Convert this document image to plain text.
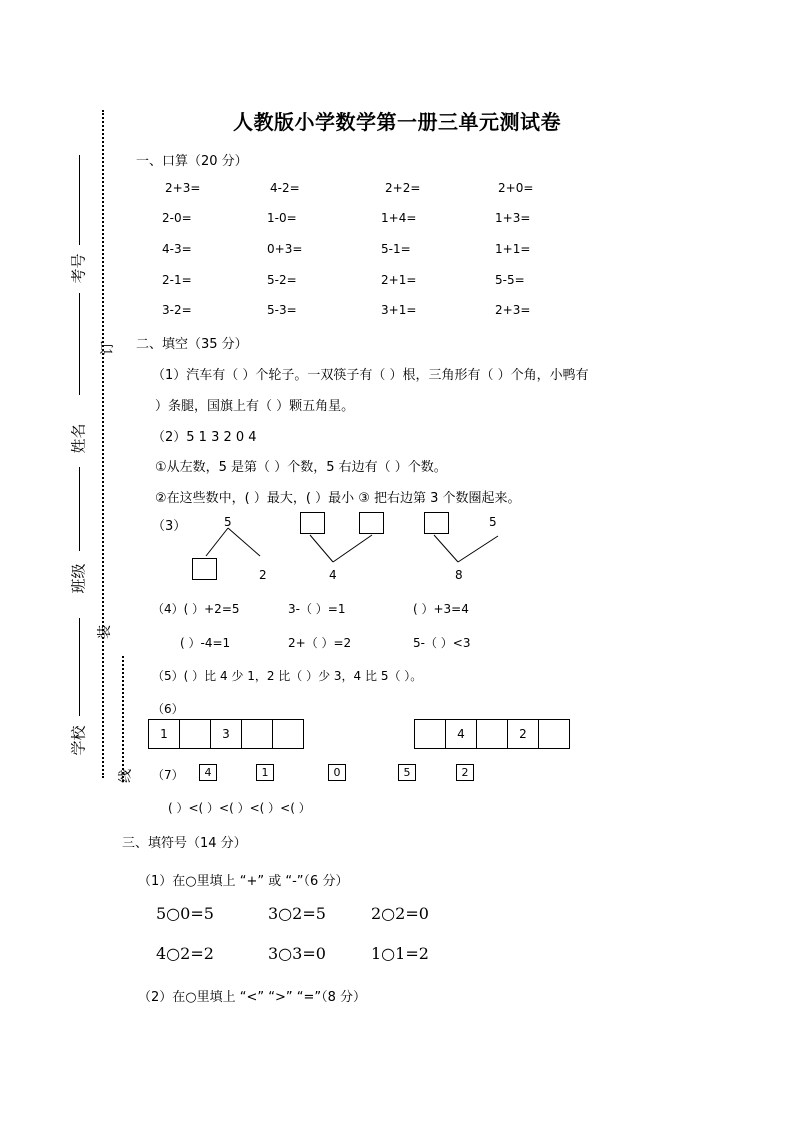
人教版小学数学第一册三单元测试卷
考号
姓名
班级
学校
订
装
线
一、口算（20 分）
2+3=	4-2=	2+2=	2+0=
2-0=	1-0=	1+4=	1+3=
4-3=	0+3=	5-1=	1+1=
2-1=	5-2=	2+1=	5-5=
3-2=	5-3=	3+1=	2+3=
二、填空（35 分）
（1）汽车有（ ）个轮子。一双筷子有（ ）根，三角形有（ ）个角，小鸭有
）条腿，国旗上有（ ）颗五角星。
（2）5 1 3 2 0 4
①从左数，5 是第（ ）个数，5 右边有（ ）个数。
②在这些数中，( ）最大，( ）最小 ③ 把右边第 3 个数圈起来。
（3）	5
2	4
5
8
（4）( ）+2=5	3-（ ）=1	( ）+3=4
( ）-4=1	2+（ ）=2	5-（ ）<3
（5）( ）比 4 少 1，2 比（ ）少 3，4 比 5（ ）。
（6）
1	3	4	2
（7）	4	1	0	5	2
( ）<( ）<( ）<( ）<( ）
三、填符号（14 分）
（1）在○里填上 “+” 或 “-”（6 分）
5○0=5	3○2=5	2○2=0
4○2=2	3○3=0	1○1=2
（2）在○里填上 “<” “>” “=”（8 分）
